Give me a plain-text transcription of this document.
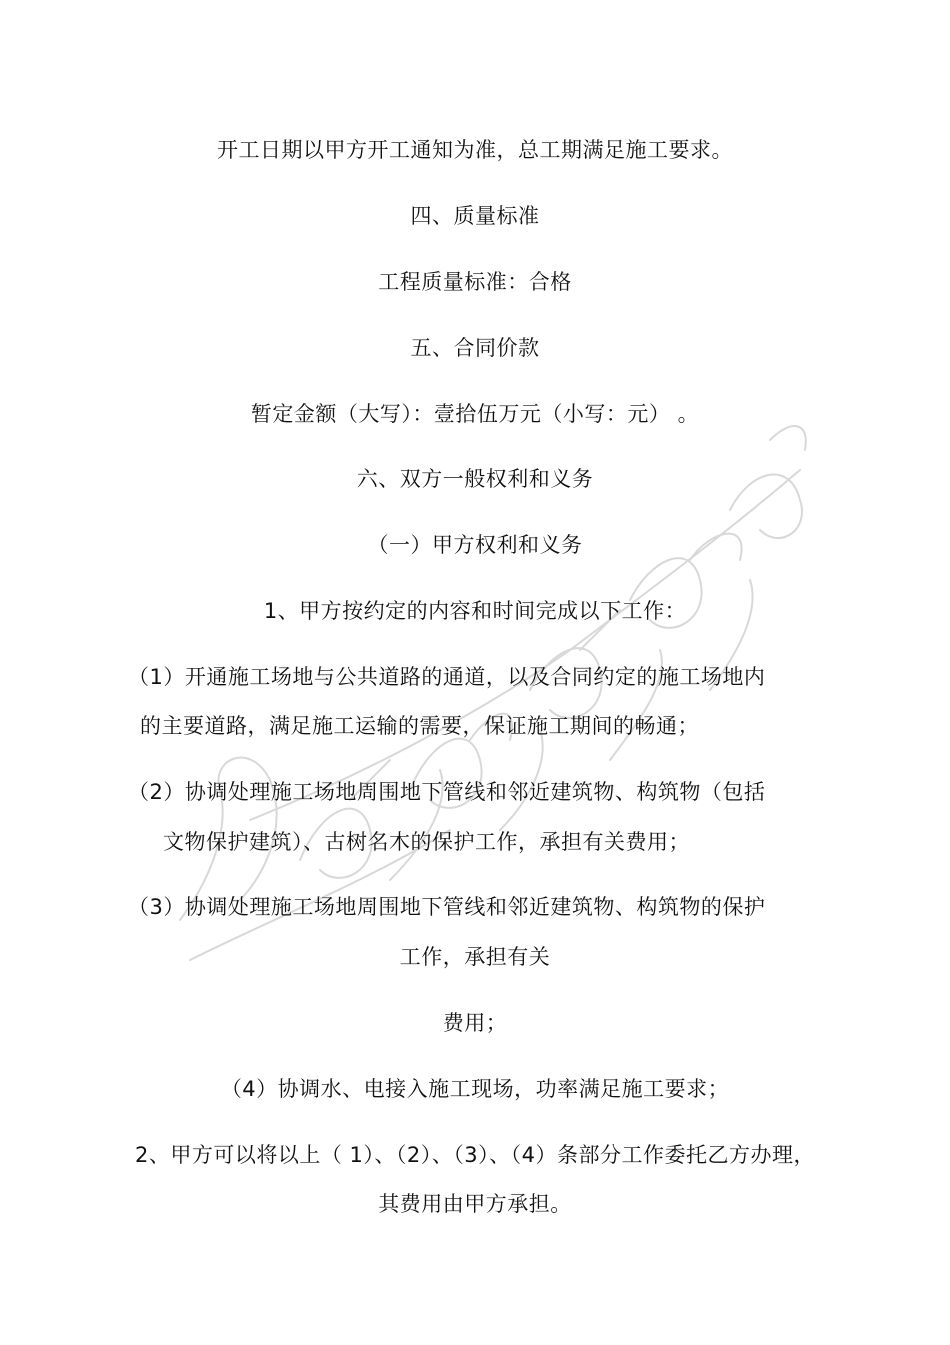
开工日期以甲方开工通知为准，总工期满足施工要求。
四、质量标准
工程质量标准：合格
五、合同价款
暂定金额（大写）：壹拾伍万元（小写：元） 。
六、双方一般权利和义务
（一）甲方权利和义务
1、甲方按约定的内容和时间完成以下工作：
（1）开通施工场地与公共道路的通道，以及合同约定的施工场地内
的主要道路，满足施工运输的需要，保证施工期间的畅通；
（2）协调处理施工场地周围地下管线和邻近建筑物、构筑物（包括
文物保护建筑）、古树名木的保护工作，承担有关费用；
（3）协调处理施工场地周围地下管线和邻近建筑物、构筑物的保护
工作，承担有关
费用；
（4）协调水、电接入施工现场，功率满足施工要求；
2、甲方可以将以上（ 1）、（2）、（3）、（4）条部分工作委托乙方办理，
其费用由甲方承担。
